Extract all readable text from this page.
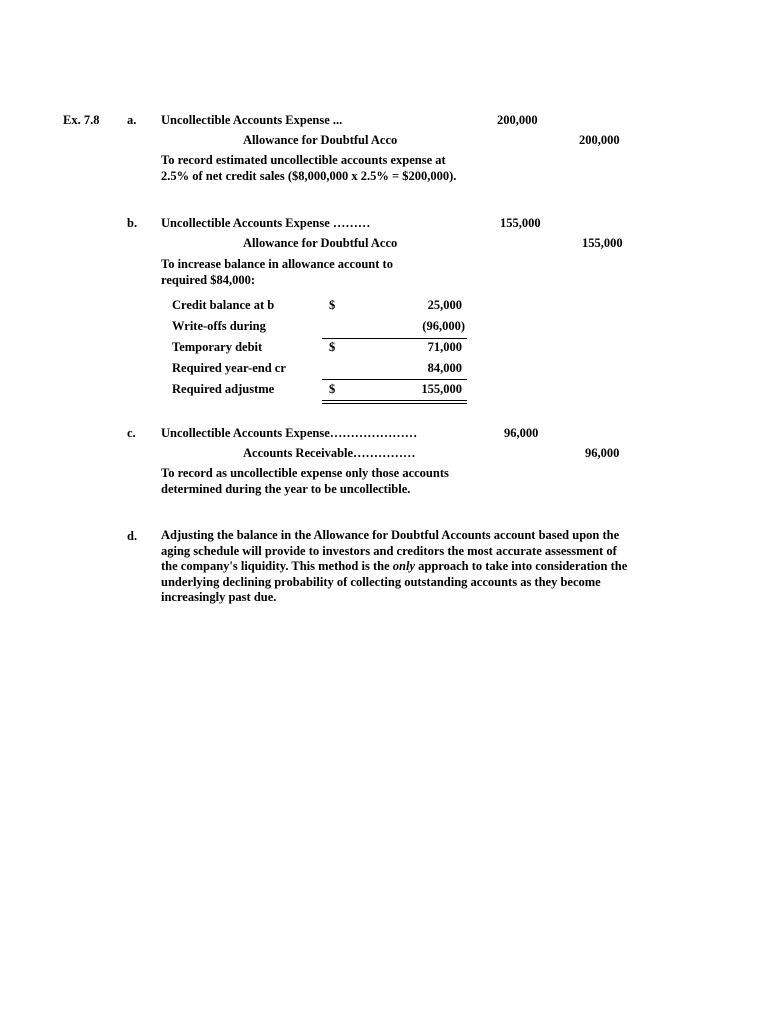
Ex. 7.8 a. Uncollectible Accounts Expense ...	200,000
Allowance for Doubtful Acco	200,000
To record estimated uncollectible accounts expense at 2.5% of net credit sales ($8,000,000 x 2.5% = $200,000).
b. Uncollectible Accounts Expense ………	155,000
Allowance for Doubtful Acco	155,000
To increase balance in allowance account to required $84,000:
Credit balance at b	$	25,000
Write-offs during	(96,000)
Temporary debit	$	71,000
Required year-end cr	84,000
Required adjustme	$	155,000
c. Uncollectible Accounts Expense…………………	96,000
Accounts Receivable……………	96,000
To record as uncollectible expense only those accounts determined during the year to be uncollectible.
d. Adjusting the balance in the Allowance for Doubtful Accounts account based upon the aging schedule will provide to investors and creditors the most accurate assessment of the company's liquidity. This method is the only approach to take into consideration the underlying declining probability of collecting outstanding accounts as they become increasingly past due.
